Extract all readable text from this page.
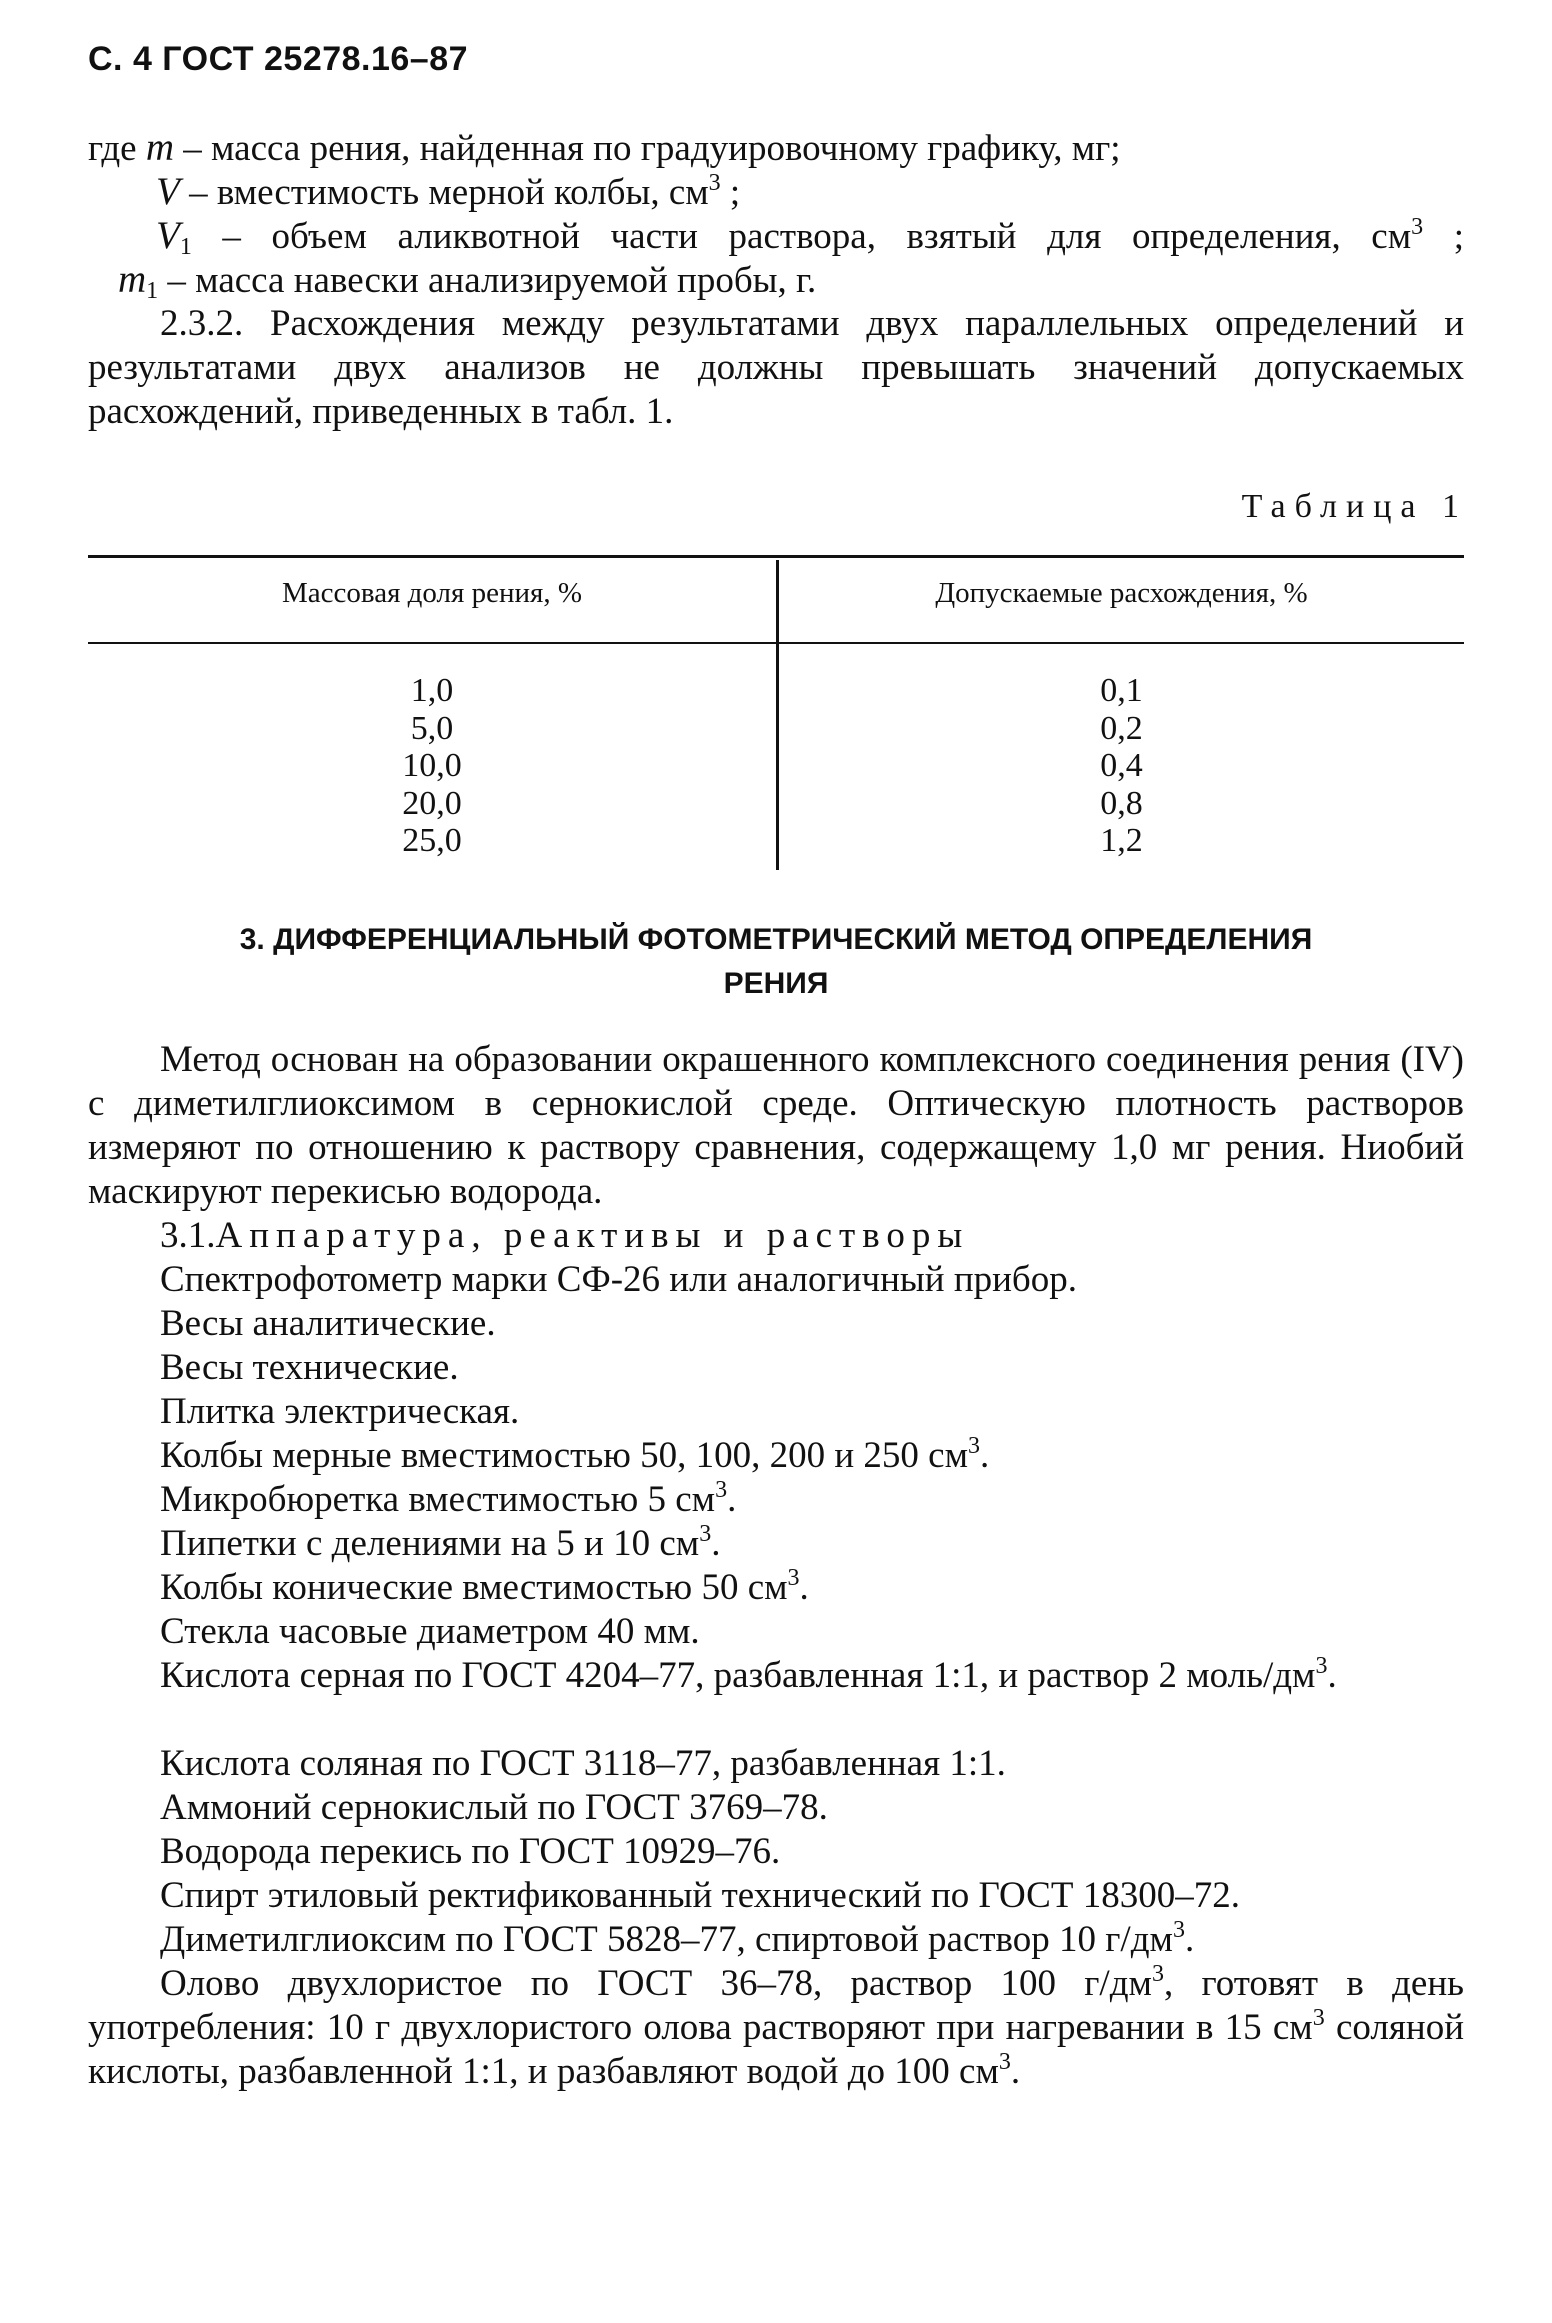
С. 4 ГОСТ 25278.16–87
где m – масса рения, найденная по градуировочному графику, мг;
V – вместимость мерной колбы, $см^3$ ;
$V_1$ – объем аликвотной части раствора, взятый для определения, $см^3$ ;
$m_1$ – масса навески анализируемой пробы, г.
2.3.2. Расхождения между результатами двух параллельных определений и результатами двух анализов не должны превышать значений допускаемых расхождений, приведенных в табл. 1.
Таблица 1
Массовая доля рения, %	Допускаемые расхождения, %
1,0
5,0
10,0
20,0
25,0
0,1
0,2
0,4
0,8
1,2
3. ДИФФЕРЕНЦИАЛЬНЫЙ ФОТОМЕТРИЧЕСКИЙ МЕТОД ОПРЕДЕЛЕНИЯ
РЕНИЯ
Метод основан на образовании окрашенного комплексного соединения рения (IV) с диметилглиоксимом в сернокислой среде. Оптическую плотность растворов измеряют по отношению к раствору сравнения, содержащему 1,0 мг рения. Ниобий маскируют перекисью водорода.
3.1.Аппаратура, реактивы и растворы
Спектрофотометр марки СФ-26 или аналогичный прибор.
Весы аналитические.
Весы технические.
Плитка электрическая.
Колбы мерные вместимостью 50, 100, 200 и 250 $см^3$.
Микробюретка вместимостью 5 $см^3$.
Пипетки с делениями на 5 и 10 $см^3$.
Колбы конические вместимостью 50 $см^3$.
Стекла часовые диаметром 40 мм.
Кислота серная по ГОСТ 4204–77, разбавленная 1:1, и раствор 2 моль/$дм^3$.
Кислота соляная по ГОСТ 3118–77, разбавленная 1:1.
Аммоний сернокислый по ГОСТ 3769–78.
Водорода перекись по ГОСТ 10929–76.
Спирт этиловый ректификованный технический по ГОСТ 18300–72.
Диметилглиоксим по ГОСТ 5828–77, спиртовой раствор 10 $г/дм^3$.
Олово двухлористое по ГОСТ 36–78, раствор 100 $г/дм^3$, готовят в день употребления: 10 г двухлористого олова растворяют при нагревании в 15 $см^3$ соляной кислоты, разбавленной 1:1, и разбавляют водой до 100 $см^3$.
